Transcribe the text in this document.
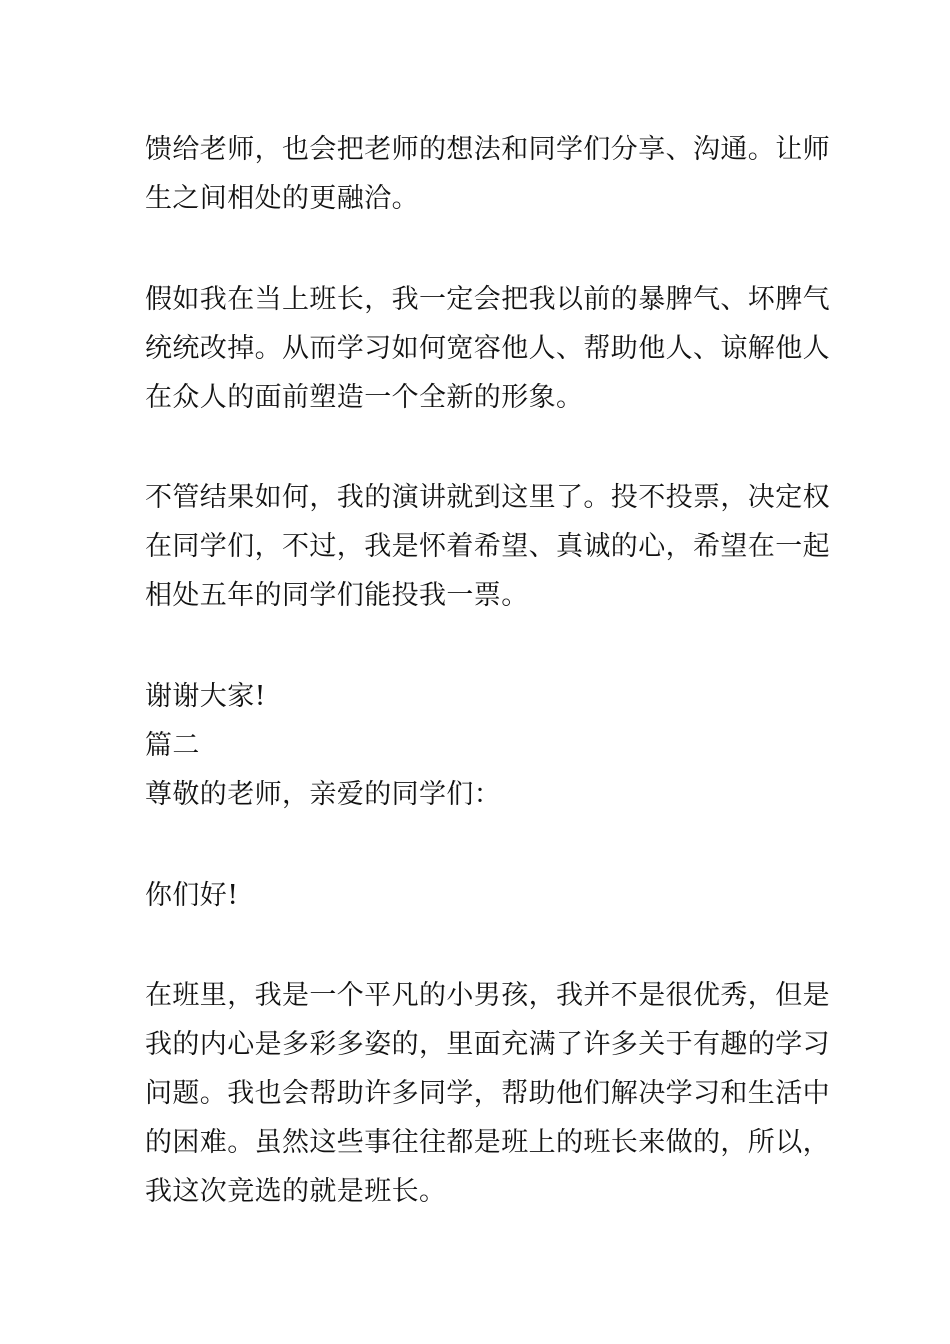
馈给老师，也会把老师的想法和同学们分享、沟通。让师

生之间相处的更融洽。

假如我在当上班长，我一定会把我以前的暴脾气、坏脾气

统统改掉。从而学习如何宽容他人、帮助他人、谅解他人

在众人的面前塑造一个全新的形象。

不管结果如何，我的演讲就到这里了。投不投票，决定权

在同学们，不过，我是怀着希望、真诚的心，希望在一起

相处五年的同学们能投我一票。

谢谢大家!

篇二

尊敬的老师，亲爱的同学们：

你们好!

在班里，我是一个平凡的小男孩，我并不是很优秀，但是

我的内心是多彩多姿的，里面充满了许多关于有趣的学习

问题。我也会帮助许多同学，帮助他们解决学习和生活中

的困难。虽然这些事往往都是班上的班长来做的，所以，

我这次竞选的就是班长。
